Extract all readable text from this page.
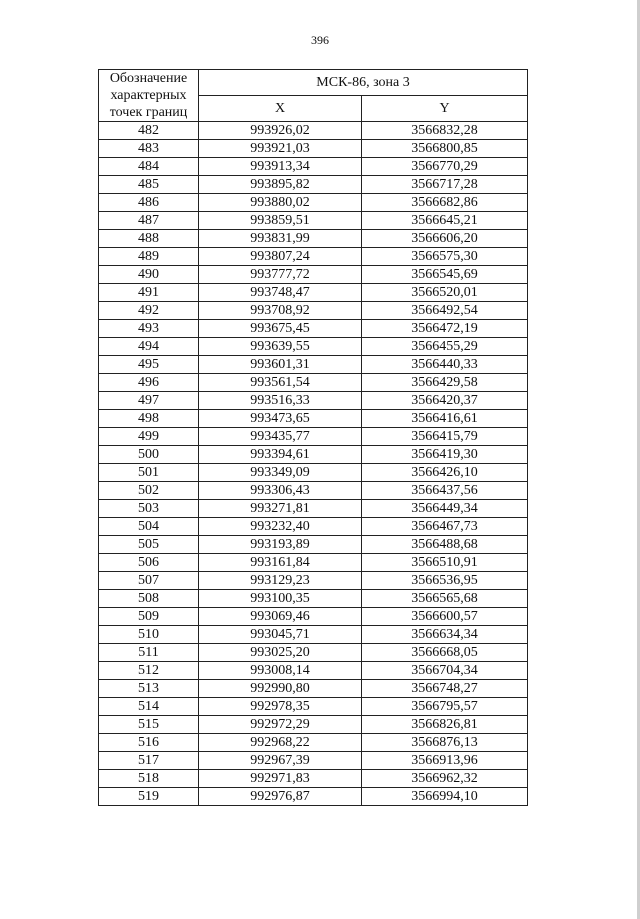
396
Обозначение характерных точек границ	МСК-86, зона 3	
	X	Y
482	993926,02	3566832,28
483	993921,03	3566800,85
484	993913,34	3566770,29
485	993895,82	3566717,28
486	993880,02	3566682,86
487	993859,51	3566645,21
488	993831,99	3566606,20
489	993807,24	3566575,30
490	993777,72	3566545,69
491	993748,47	3566520,01
492	993708,92	3566492,54
493	993675,45	3566472,19
494	993639,55	3566455,29
495	993601,31	3566440,33
496	993561,54	3566429,58
497	993516,33	3566420,37
498	993473,65	3566416,61
499	993435,77	3566415,79
500	993394,61	3566419,30
501	993349,09	3566426,10
502	993306,43	3566437,56
503	993271,81	3566449,34
504	993232,40	3566467,73
505	993193,89	3566488,68
506	993161,84	3566510,91
507	993129,23	3566536,95
508	993100,35	3566565,68
509	993069,46	3566600,57
510	993045,71	3566634,34
511	993025,20	3566668,05
512	993008,14	3566704,34
513	992990,80	3566748,27
514	992978,35	3566795,57
515	992972,29	3566826,81
516	992968,22	3566876,13
517	992967,39	3566913,96
518	992971,83	3566962,32
519	992976,87	3566994,10
